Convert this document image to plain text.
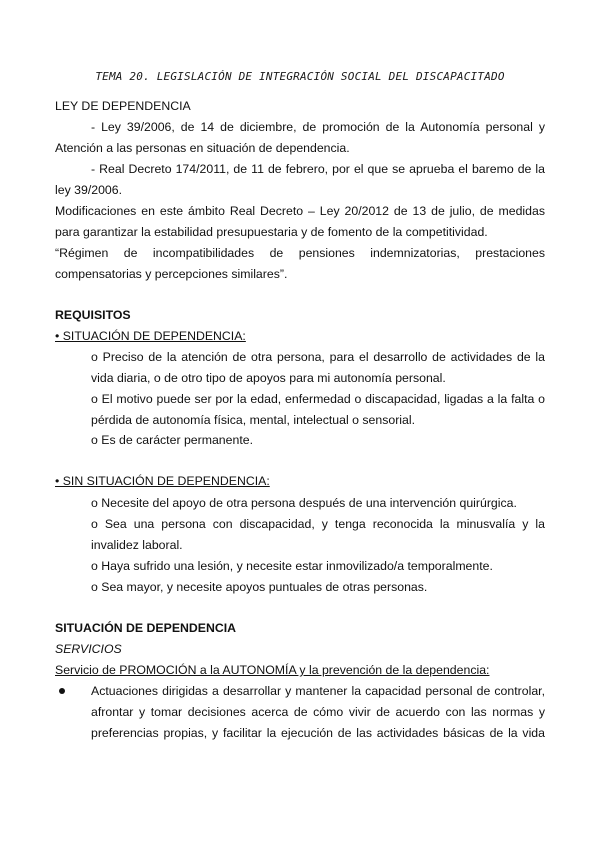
TEMA 20. LEGISLACIÓN DE INTEGRACIÓN SOCIAL DEL DISCAPACITADO
LEY DE DEPENDENCIA
- Ley 39/2006, de 14 de diciembre, de promoción de la Autonomía personal y
Atención a las personas en situación de dependencia.
- Real Decreto 174/2011, de 11 de febrero, por el que se aprueba el baremo de la
ley 39/2006.
Modificaciones en este ámbito Real Decreto – Ley 20/2012 de 13 de julio, de medidas
para garantizar la estabilidad presupuestaria y de fomento de la competitividad.
“Régimen de incompatibilidades de pensiones indemnizatorias, prestaciones
compensatorias y percepciones similares”.
REQUISITOS
• SITUACIÓN DE DEPENDENCIA:
o Preciso de la atención de otra persona, para el desarrollo de actividades de la
vida diaria, o de otro tipo de apoyos para mi autonomía personal.
o El motivo puede ser por la edad, enfermedad o discapacidad, ligadas a la falta o
pérdida de autonomía física, mental, intelectual o sensorial.
o Es de carácter permanente.
• SIN SITUACIÓN DE DEPENDENCIA:
o Necesite del apoyo de otra persona después de una intervención quirúrgica.
o Sea una persona con discapacidad, y tenga reconocida la minusvalía y la
invalidez laboral.
o Haya sufrido una lesión, y necesite estar inmovilizado/a temporalmente.
o Sea mayor, y necesite apoyos puntuales de otras personas.
SITUACIÓN DE DEPENDENCIA
SERVICIOS
Servicio de PROMOCIÓN a la AUTONOMÍA y la prevención de la dependencia:
Actuaciones dirigidas a desarrollar y mantener la capacidad personal de controlar,
afrontar y tomar decisiones acerca de cómo vivir de acuerdo con las normas y
preferencias propias, y facilitar la ejecución de las actividades básicas de la vida
